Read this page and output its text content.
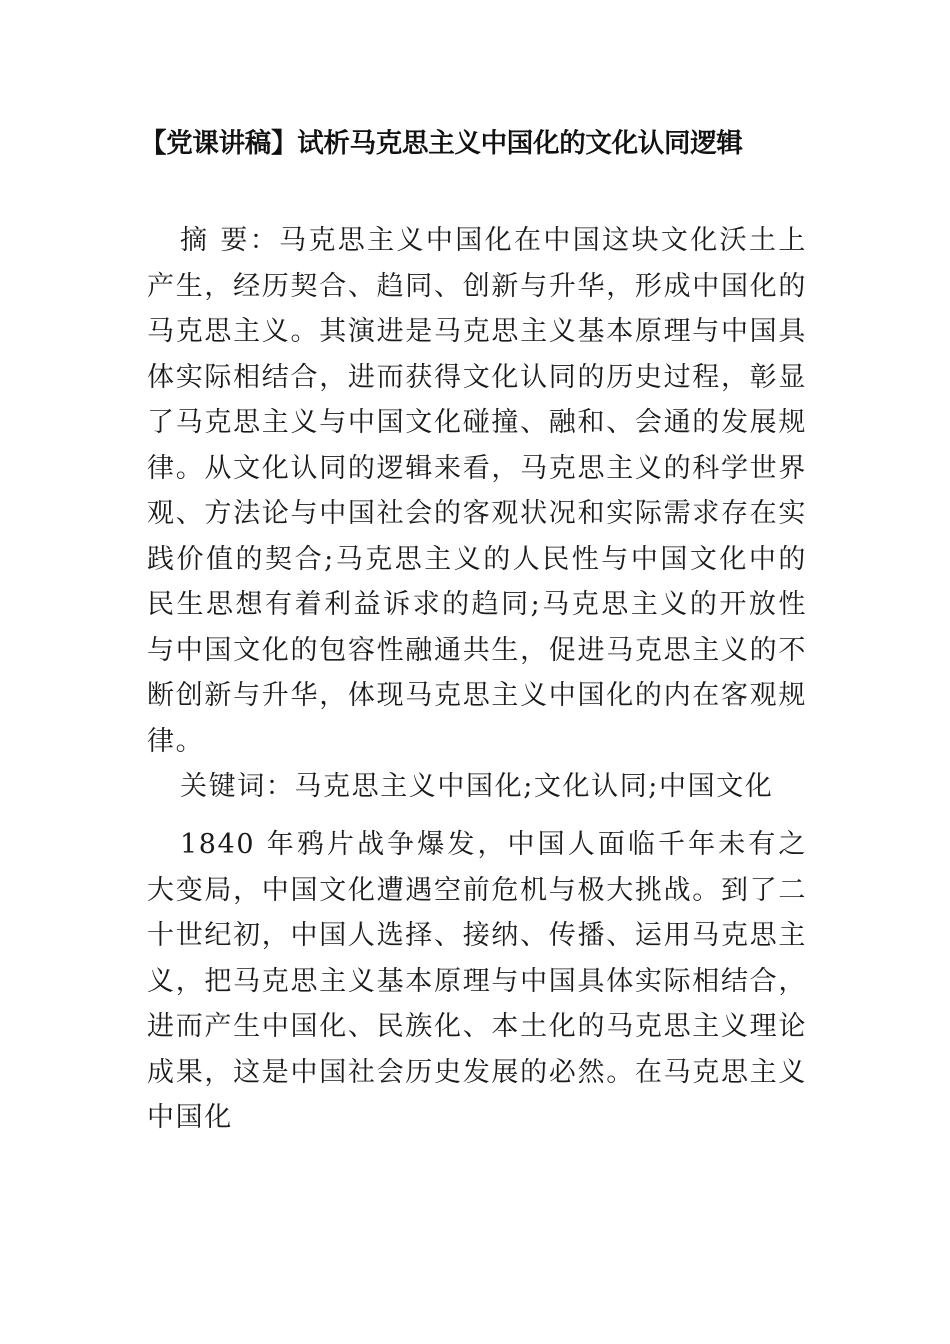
【党课讲稿】试析马克思主义中国化的文化认同逻辑

摘 要：马克思主义中国化在中国这块文化沃土上产生，经历契合、趋同、创新与升华，形成中国化的马克思主义。其演进是马克思主义基本原理与中国具体实际相结合，进而获得文化认同的历史过程，彰显了马克思主义与中国文化碰撞、融和、会通的发展规律。从文化认同的逻辑来看，马克思主义的科学世界观、方法论与中国社会的客观状况和实际需求存在实践价值的契合;马克思主义的人民性与中国文化中的民生思想有着利益诉求的趋同;马克思主义的开放性与中国文化的包容性融通共生，促进马克思主义的不断创新与升华，体现马克思主义中国化的内在客观规律。

关键词：马克思主义中国化;文化认同;中国文化

1840 年鸦片战争爆发，中国人面临千年未有之大变局，中国文化遭遇空前危机与极大挑战。到了二十世纪初，中国人选择、接纳、传播、运用马克思主义，把马克思主义基本原理与中国具体实际相结合，进而产生中国化、民族化、本土化的马克思主义理论成果，这是中国社会历史发展的必然。在马克思主义中国化
